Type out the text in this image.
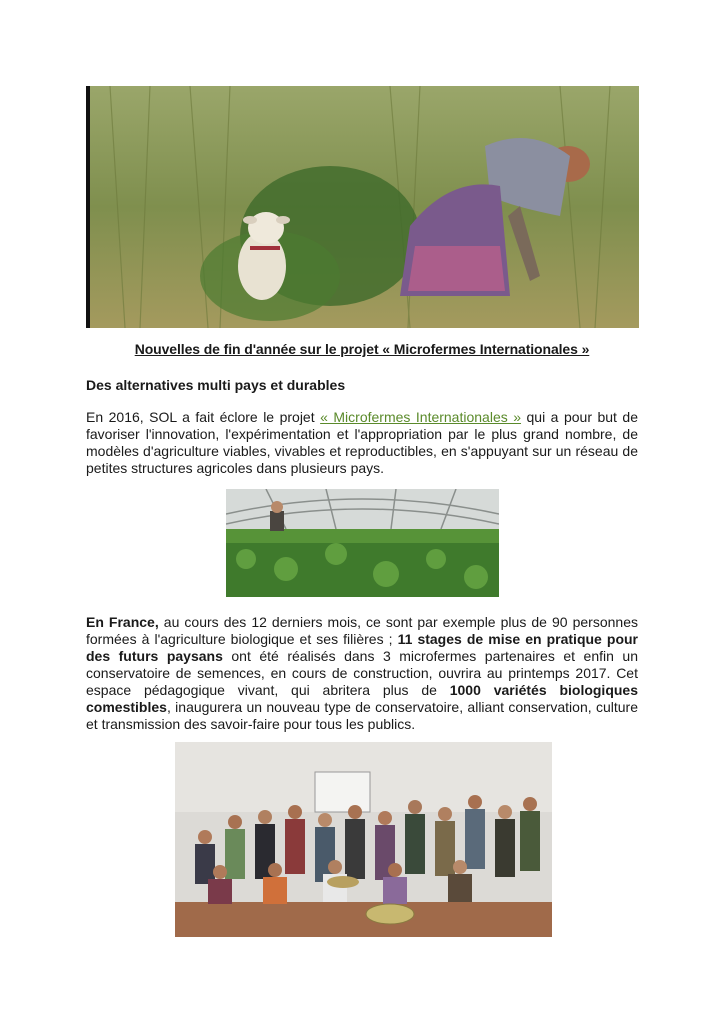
Nouvelles de fin d'année sur le projet « Microfermes Internationales »
Des alternatives multi pays et durables
En 2016, SOL a fait éclore le projet « Microfermes Internationales » qui a pour but de favoriser l'innovation, l'expérimentation et l'appropriation par le plus grand nombre, de modèles d'agriculture viables, vivables et reproductibles, en s'appuyant sur un réseau de petites structures agricoles dans plusieurs pays.
En France, au cours des 12 derniers mois, ce sont par exemple plus de 90 personnes formées à l'agriculture biologique et ses filières ; 11 stages de mise en pratique pour des futurs paysans ont été réalisés dans 3 microfermes partenaires et enfin un conservatoire de semences, en cours de construction, ouvrira au printemps 2017. Cet espace pédagogique vivant, qui abritera plus de 1000 variétés biologiques comestibles, inaugurera un nouveau type de conservatoire, alliant conservation, culture et transmission des savoir-faire pour tous les publics.
